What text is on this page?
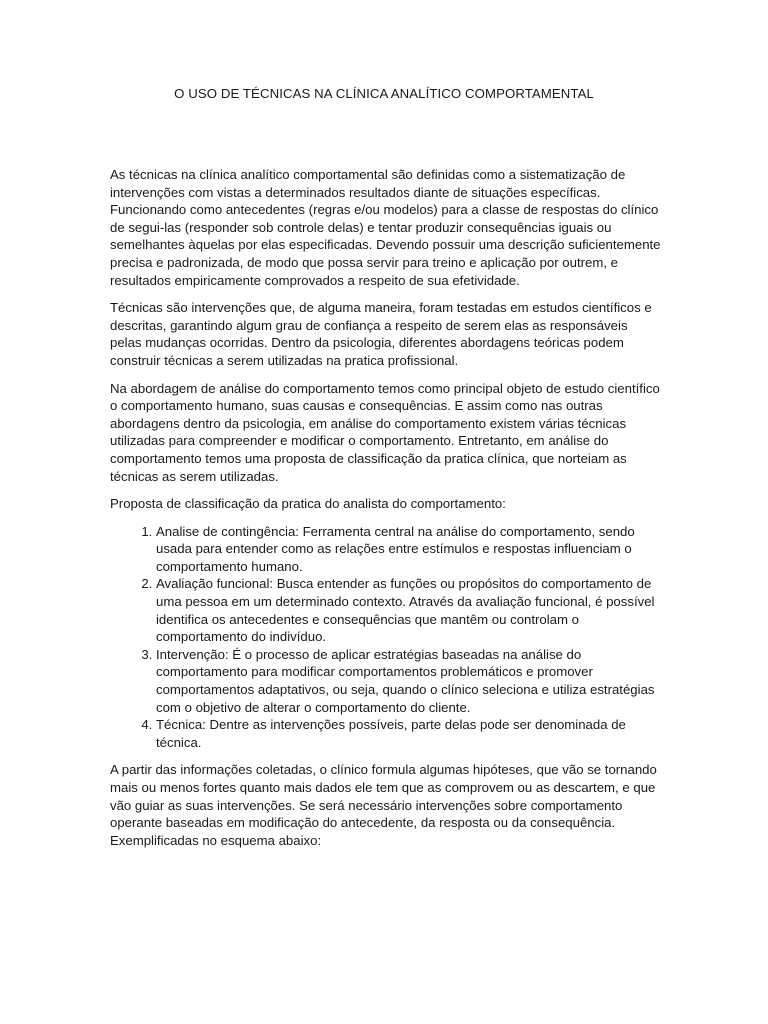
O USO DE TÉCNICAS NA CLÍNICA ANALÍTICO COMPORTAMENTAL

As técnicas na clínica analítico comportamental são definidas como a sistematização de intervenções com vistas a determinados resultados diante de situações específicas. Funcionando como antecedentes (regras e/ou modelos) para a classe de respostas do clínico de segui-las (responder sob controle delas) e tentar produzir consequências iguais ou semelhantes àquelas por elas especificadas. Devendo possuir uma descrição suficientemente precisa e padronizada, de modo que possa servir para treino e aplicação por outrem, e resultados empiricamente comprovados a respeito de sua efetividade.

Técnicas são intervenções que, de alguma maneira, foram testadas em estudos científicos e descritas, garantindo algum grau de confiança a respeito de serem elas as responsáveis pelas mudanças ocorridas. Dentro da psicologia, diferentes abordagens teóricas podem construir técnicas a serem utilizadas na pratica profissional.

Na abordagem de análise do comportamento temos como principal objeto de estudo científico o comportamento humano, suas causas e consequências. E assim como nas outras abordagens dentro da psicologia, em análise do comportamento existem várias técnicas utilizadas para compreender e modificar o comportamento. Entretanto, em análise do comportamento temos uma proposta de classificação da pratica clínica, que norteiam as técnicas as serem utilizadas.

Proposta de classificação da pratica do analista do comportamento:

1. Analise de contingência: Ferramenta central na análise do comportamento, sendo usada para entender como as relações entre estímulos e respostas influenciam o comportamento humano.
2. Avaliação funcional: Busca entender as funções ou propósitos do comportamento de uma pessoa em um determinado contexto. Através da avaliação funcional, é possível identifica os antecedentes e consequências que mantêm ou controlam o comportamento do indivíduo.
3. Intervenção: É o processo de aplicar estratégias baseadas na análise do comportamento para modificar comportamentos problemáticos e promover comportamentos adaptativos, ou seja, quando o clínico seleciona e utiliza estratégias com o objetivo de alterar o comportamento do cliente.
4. Técnica: Dentre as intervenções possíveis, parte delas pode ser denominada de técnica.

A partir das informações coletadas, o clínico formula algumas hipóteses, que vão se tornando mais ou menos fortes quanto mais dados ele tem que as comprovem ou as descartem, e que vão guiar as suas intervenções. Se será necessário intervenções sobre comportamento operante baseadas em modificação do antecedente, da resposta ou da consequência. Exemplificadas no esquema abaixo:
